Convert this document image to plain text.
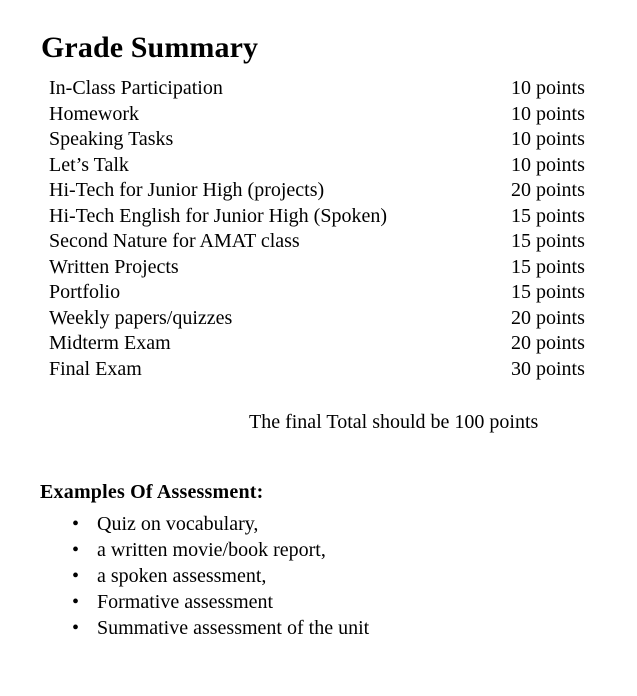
Grade Summary
In-Class Participation	10 points
Homework	10 points
Speaking Tasks	10 points
Let’s Talk	10 points
Hi-Tech for Junior High (projects)	20 points
Hi-Tech English for Junior High (Spoken)	15 points
Second Nature for AMAT class	15 points
Written Projects	15 points
Portfolio	15 points
Weekly papers/quizzes	20 points
Midterm Exam	20 points
Final Exam	30 points
The final Total should be 100 points
Examples Of Assessment:
• Quiz on vocabulary,
• a written movie/book report,
• a spoken assessment,
• Formative assessment
• Summative assessment of the unit
